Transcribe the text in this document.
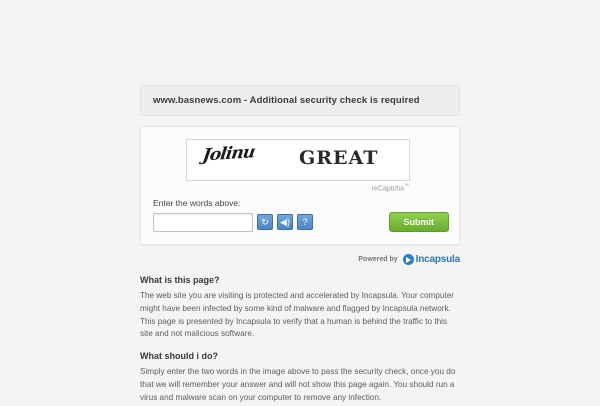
www.basnews.com - Additional security check is required
Jolinu GREAT
reCaptcha™
Enter the words above:
↻	◀)	?	Submit
Powered by Incapsula
What is this page?

The web site you are visiting is protected and accelerated by Incapsula. Your computer might have been infected by some kind of malware and flagged by Incapsula network. This page is presented by Incapsula to verify that a human is behind the traffic to this site and not malicious software.

What should i do?

Simply enter the two words in the image above to pass the security check, once you do that we will remember your answer and will not show this page again. You should run a virus and malware scan on your computer to remove any infection.
